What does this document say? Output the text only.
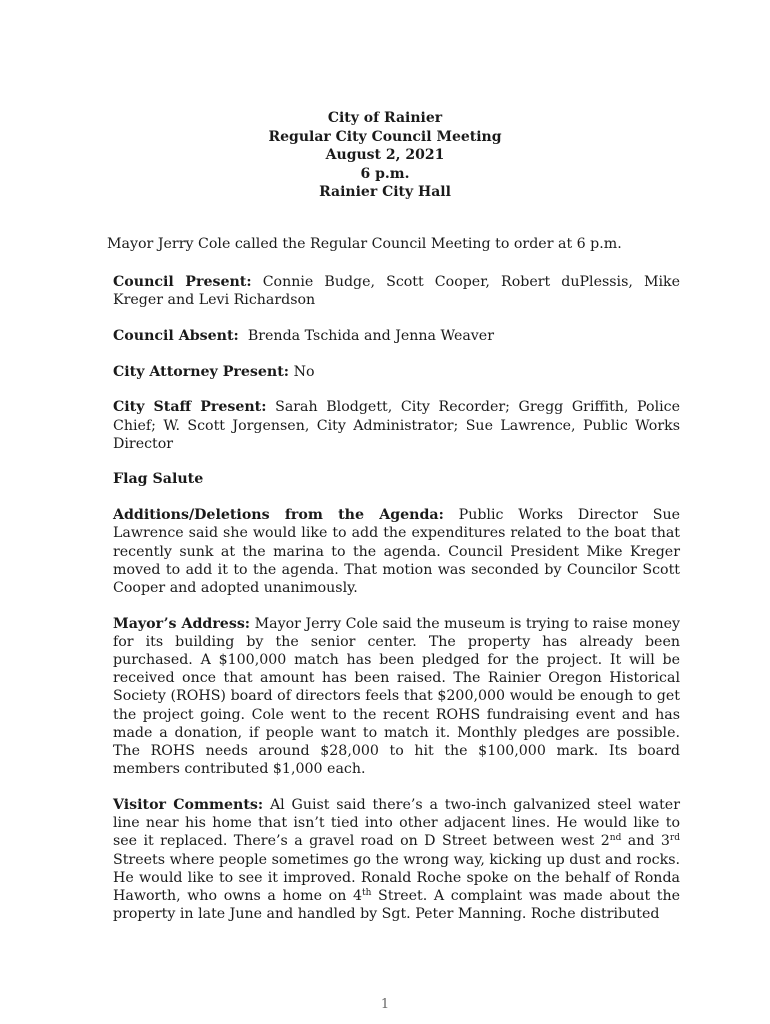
City of Rainier
Regular City Council Meeting
August 2, 2021
6 p.m.
Rainier City Hall
Mayor Jerry Cole called the Regular Council Meeting to order at 6 p.m.

Council Present: Connie Budge, Scott Cooper, Robert duPlessis, Mike Kreger and Levi Richardson

Council Absent: Brenda Tschida and Jenna Weaver

City Attorney Present: No

City Staff Present: Sarah Blodgett, City Recorder; Gregg Griffith, Police Chief; W. Scott Jorgensen, City Administrator; Sue Lawrence, Public Works Director

Flag Salute

Additions/Deletions from the Agenda: Public Works Director Sue Lawrence said she would like to add the expenditures related to the boat that recently sunk at the marina to the agenda. Council President Mike Kreger moved to add it to the agenda. That motion was seconded by Councilor Scott Cooper and adopted unanimously.

Mayor’s Address: Mayor Jerry Cole said the museum is trying to raise money for its building by the senior center. The property has already been purchased. A $100,000 match has been pledged for the project. It will be received once that amount has been raised. The Rainier Oregon Historical Society (ROHS) board of directors feels that $200,000 would be enough to get the project going. Cole went to the recent ROHS fundraising event and has made a donation, if people want to match it. Monthly pledges are possible. The ROHS needs around $28,000 to hit the $100,000 mark. Its board members contributed $1,000 each.

Visitor Comments: Al Guist said there’s a two-inch galvanized steel water line near his home that isn’t tied into other adjacent lines. He would like to see it replaced. There’s a gravel road on D Street between west 2nd and 3rd Streets where people sometimes go the wrong way, kicking up dust and rocks. He would like to see it improved. Ronald Roche spoke on the behalf of Ronda Haworth, who owns a home on 4th Street. A complaint was made about the property in late June and handled by Sgt. Peter Manning. Roche distributed

1
